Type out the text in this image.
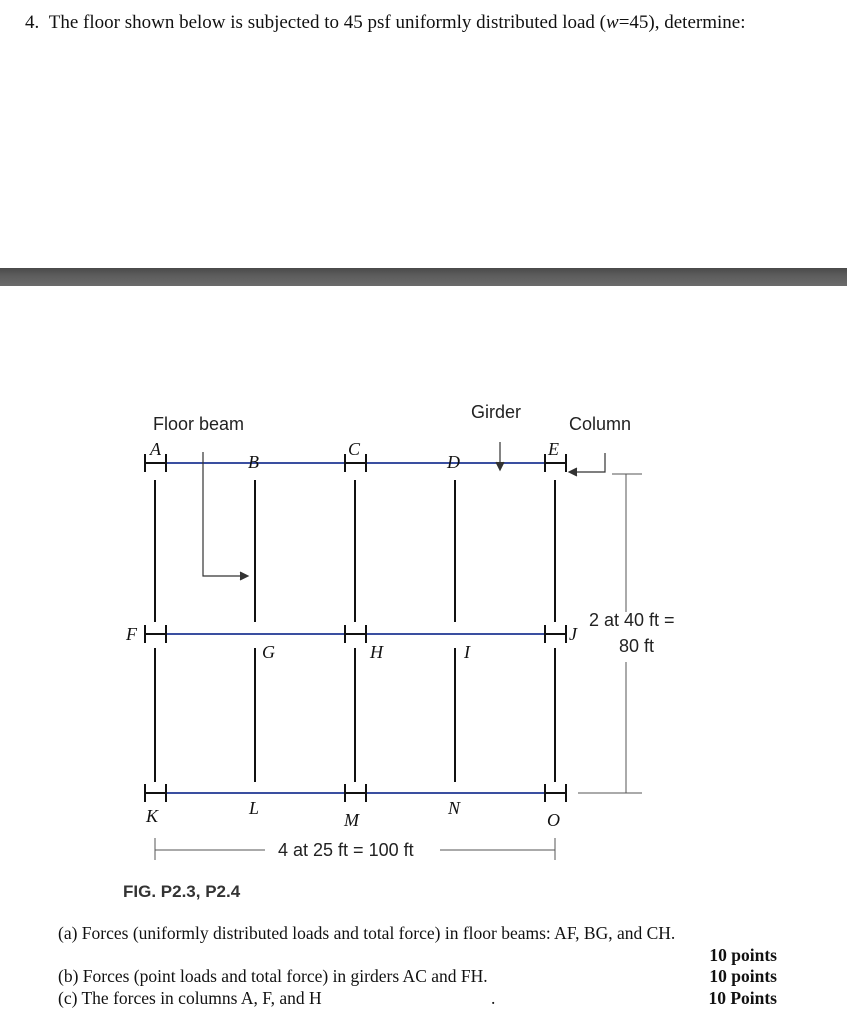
4. The floor shown below is subjected to 45 psf uniformly distributed load (w=45), determine:
A
B
C
D
E
F
G	H	I
J
K	L
M
N
O
Floor beam
Girder
Column
2 at 40 ft =
80 ft
4 at 25 ft = 100 ft
FIG. P2.3, P2.4
(a) Forces (uniformly distributed loads and total force) in floor beams: AF, BG, and CH.
10 points
(b) Forces (point loads and total force) in girders AC and FH.	10 points
(c) The forces in columns A, F, and H	.	10 Points
